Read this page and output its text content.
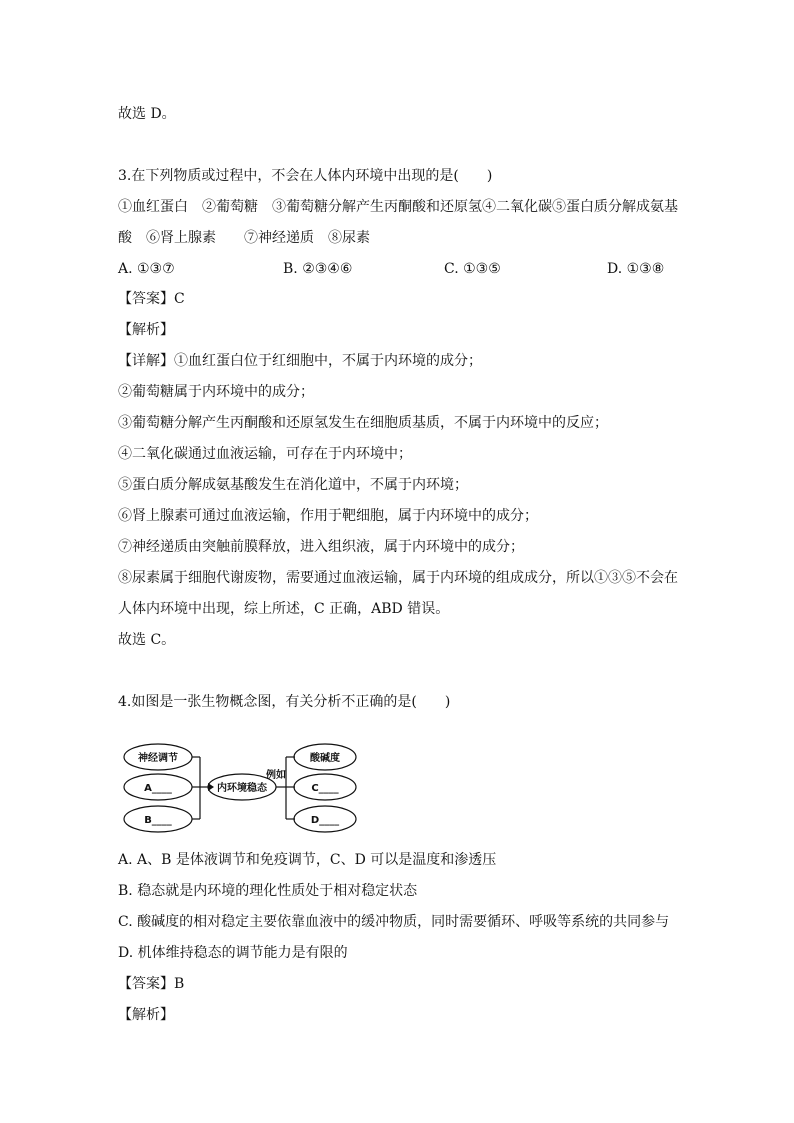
故选 D。
3.在下列物质或过程中，不会在人体内环境中出现的是(　　)
①血红蛋白　②葡萄糖　③葡萄糖分解产生丙酮酸和还原氢④二氧化碳⑤蛋白质分解成氨基
酸　⑥肾上腺素　　⑦神经递质　⑧尿素
A. ①③⑦	B. ②③④⑥	C. ①③⑤	D. ①③⑧
【答案】C
【解析】
【详解】①血红蛋白位于红细胞中，不属于内环境的成分；
②葡萄糖属于内环境中的成分；
③葡萄糖分解产生丙酮酸和还原氢发生在细胞质基质，不属于内环境中的反应；
④二氧化碳通过血液运输，可存在于内环境中；
⑤蛋白质分解成氨基酸发生在消化道中，不属于内环境；
⑥肾上腺素可通过血液运输，作用于靶细胞，属于内环境中的成分；
⑦神经递质由突触前膜释放，进入组织液，属于内环境中的成分；
⑧尿素属于细胞代谢废物，需要通过血液运输，属于内环境的组成成分，所以①③⑤不会在
人体内环境中出现，综上所述，C 正确，ABD 错误。
故选 C。
4.如图是一张生物概念图，有关分析不正确的是(　　)
神经调节
A____
B____
内环境稳态
例如
酸碱度
C____
D____
A. A、B 是体液调节和免疫调节，C、D 可以是温度和渗透压
B. 稳态就是内环境的理化性质处于相对稳定状态
C. 酸碱度的相对稳定主要依靠血液中的缓冲物质，同时需要循环、呼吸等系统的共同参与
D. 机体维持稳态的调节能力是有限的
【答案】B
【解析】
